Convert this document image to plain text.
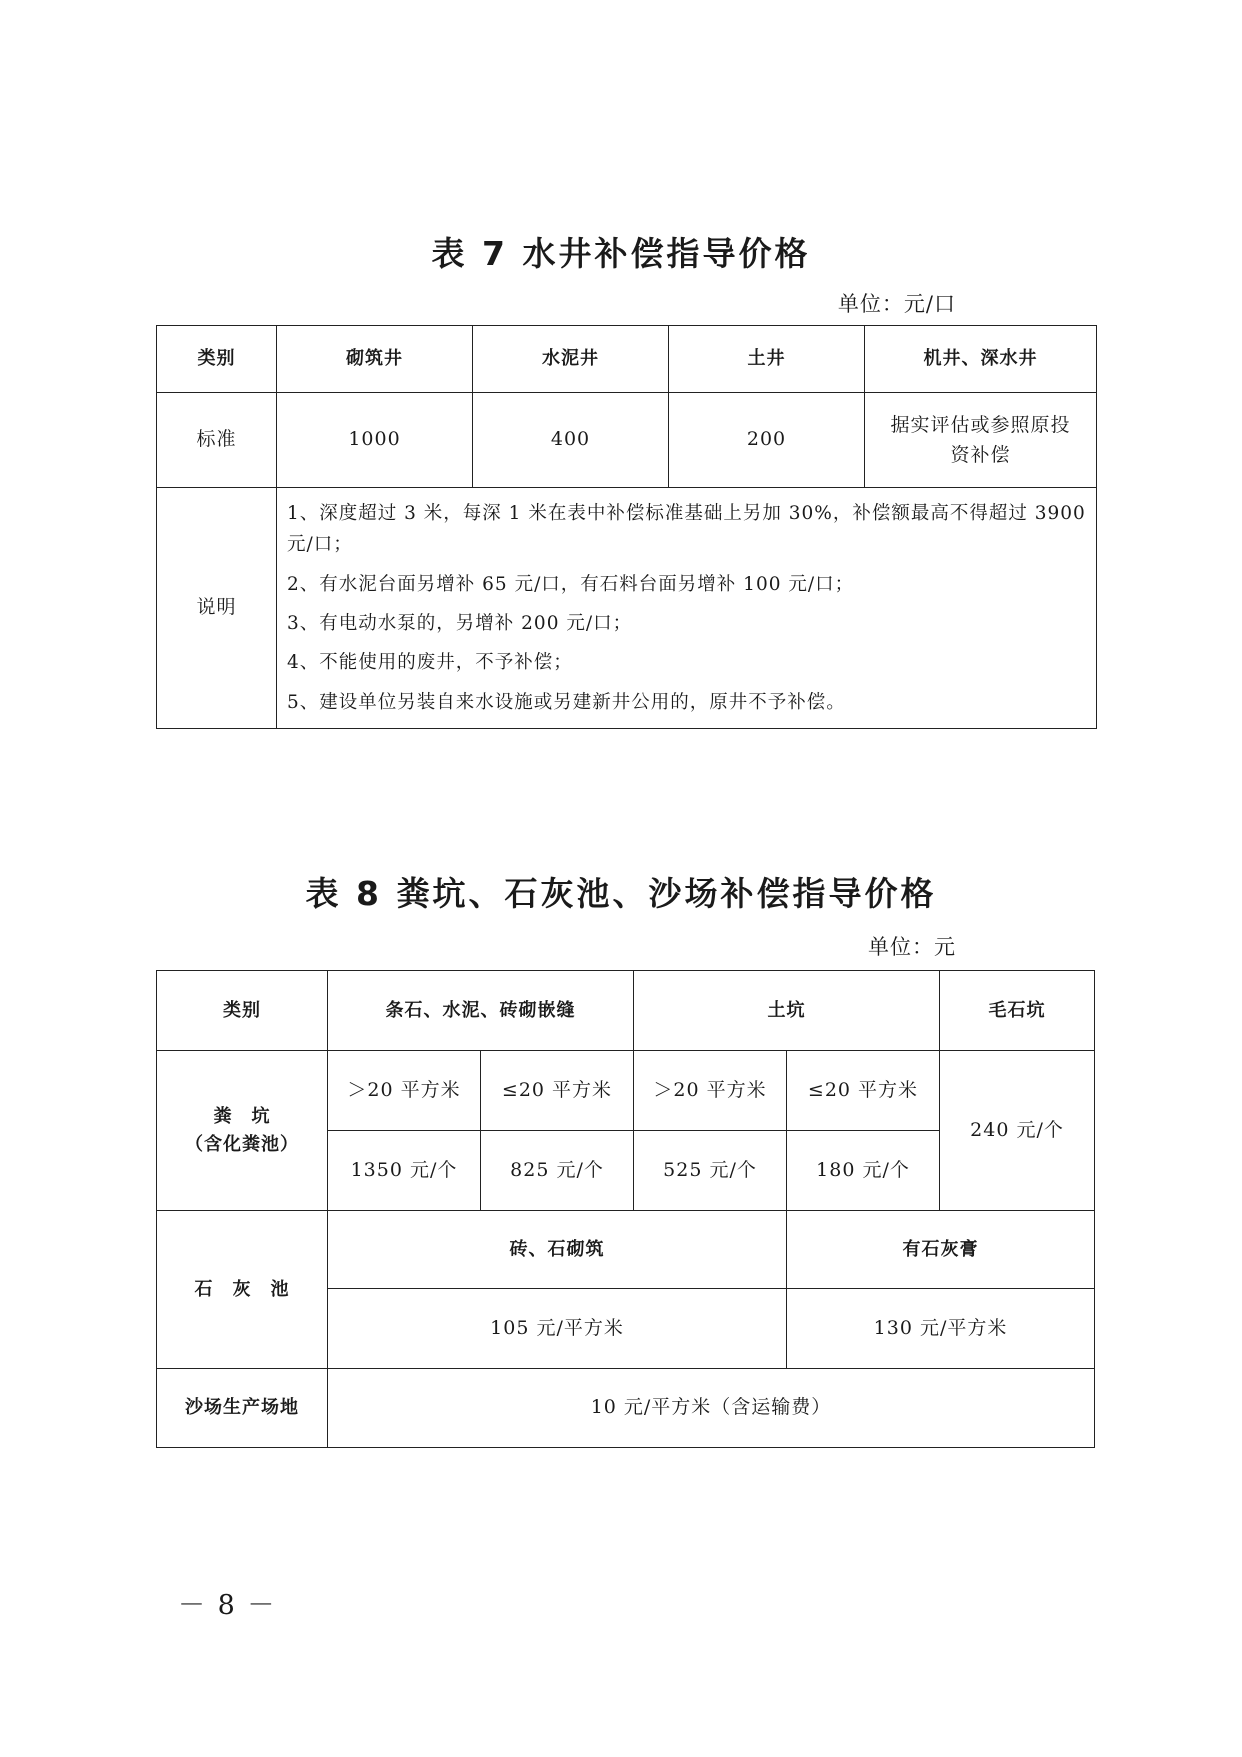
表 7 水井补偿指导价格
单位：元/口
类别	砌筑井	水泥井	土井	机井、深水井
标准	1000	400	200	据实评估或参照原投资补偿
说明	1、深度超过 3 米，每深 1 米在表中补偿标准基础上另加 30%，补偿额最高不得超过 3900 元/口；

2、有水泥台面另增补 65 元/口，有石料台面另增补 100 元/口；

3、有电动水泵的，另增补 200 元/口；

4、不能使用的废井，不予补偿；

5、建设单位另装自来水设施或另建新井公用的，原井不予补偿。			

表 8 粪坑、石灰池、沙场补偿指导价格
单位：元
类别	条石、水泥、砖砌嵌缝		土坑		毛石坑

粪　坑
（含化粪池）	＞20 平方米	≤20 平方米	＞20 平方米	≤20 平方米	240 元/个
	1350 元/个	825 元/个	525 元/个	180 元/个	
石　灰　池	砖、石砌筑			有石灰膏	
	105 元/平方米			130 元/平方米	
沙场生产场地	10 元/平方米（含运输费）				
－ 8 －
